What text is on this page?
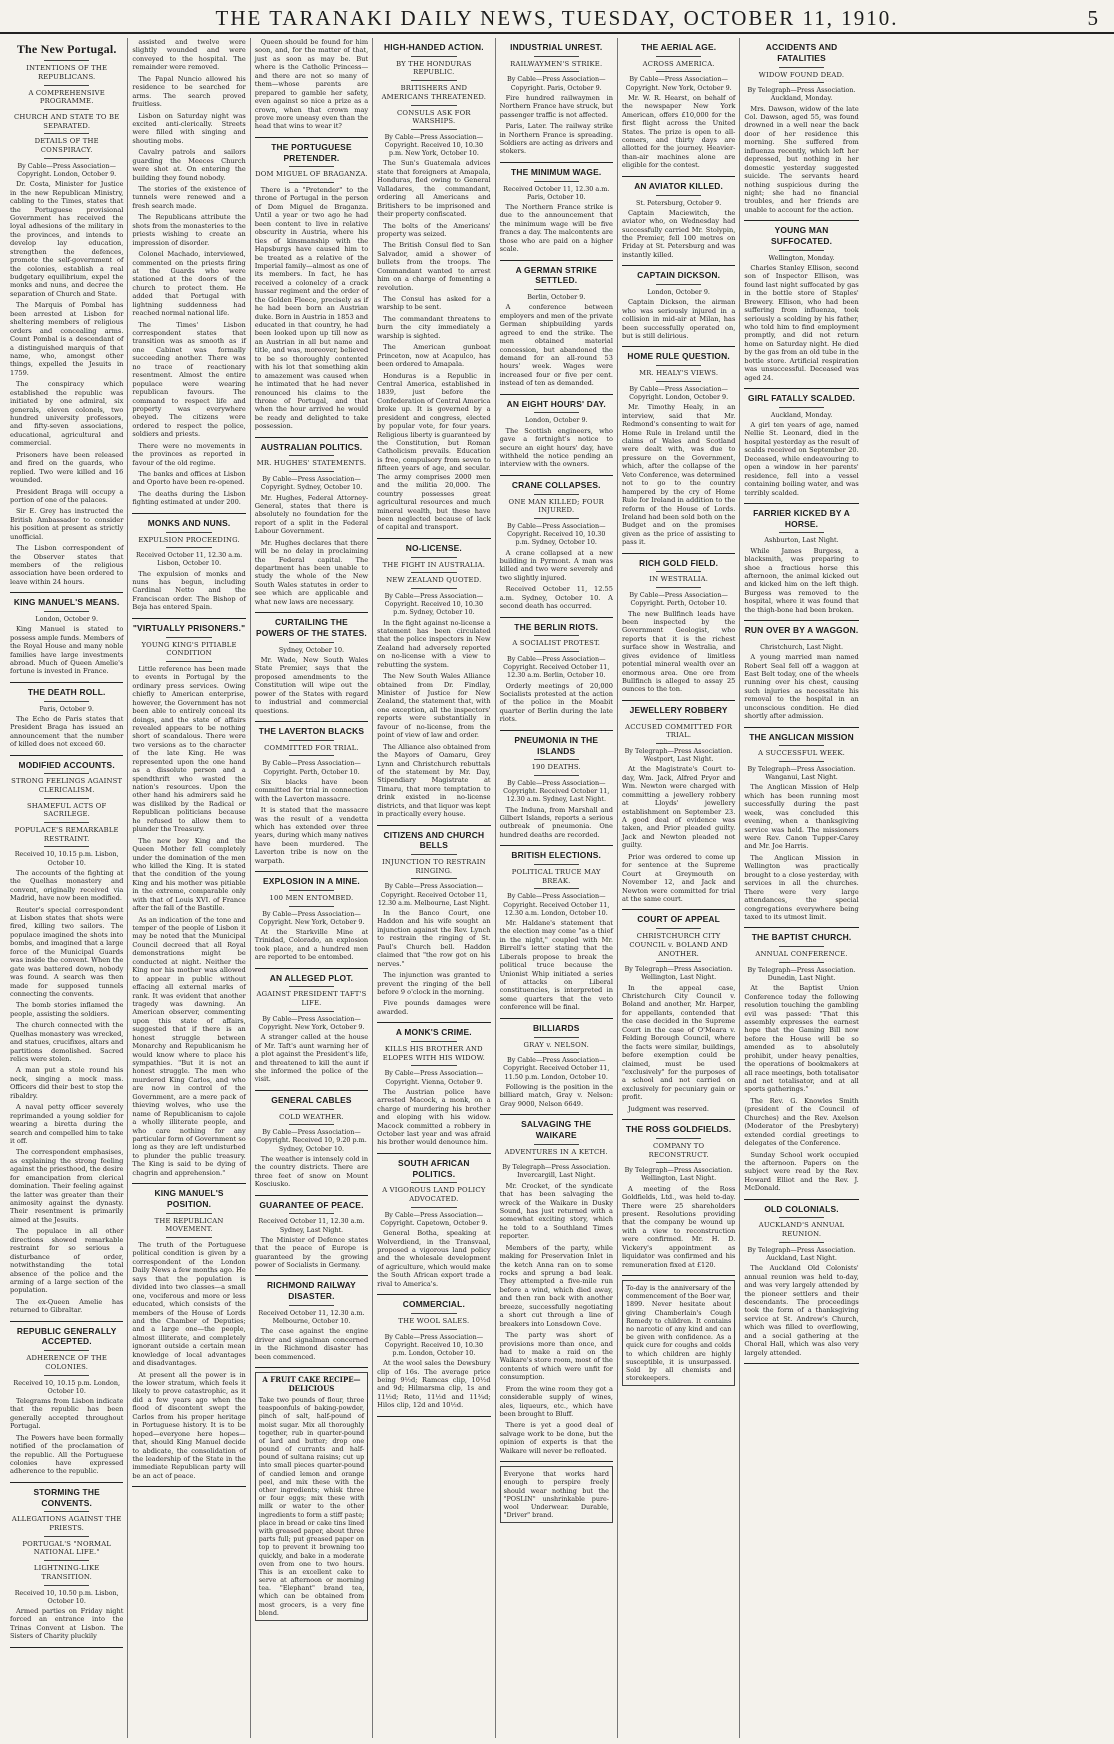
THE TARANAKI DAILY NEWS, TUESDAY, OCTOBER 11, 1910.	5
The New Portugal.
INTENTIONS OF THE REPUBLICANS.
A COMPREHENSIVE PROGRAMME.
CHURCH AND STATE TO BE SEPARATED.
DETAILS OF THE CONSPIRACY.
By Cable—Press Association—Copyright. London, October 9.

Dr. Costa, Minister for Justice in the new Republican Ministry, cabling to the Times, states that the Portuguese provisional Government has received the loyal adhesions of the military in the provinces, and intends to develop lay education, strengthen the defences, promote the self-government of the colonies, establish a real budgetary equilibrium, expel the monks and nuns, and decree the separation of Church and State.

The Marquis of Pombal has been arrested at Lisbon for sheltering members of religious orders and concealing arms. Count Pombal is a descendant of a distinguished marquis of that name, who, amongst other things, expelled the Jesuits in 1759.

The conspiracy which established the republic was initiated by one admiral, six generals, eleven colonels, two hundred university professors, and fifty-seven associations, educational, agricultural and commercial.

Prisoners have been released and fired on the guards, who replied. Two were killed and 16 wounded.

President Braga will occupy a portion of one of the palaces.

Sir E. Grey has instructed the British Ambassador to consider his position at present as strictly unofficial.

The Lisbon correspondent of the Observer states that members of the religious association have been ordered to leave within 24 hours.

KING MANUEL'S MEANS.
London, October 9.

King Manuel is stated to possess ample funds. Members of the Royal House and many noble families have large investments abroad. Much of Queen Amelie's fortune is invested in France.

THE DEATH ROLL.
Paris, October 9.

The Echo de Paris states that President Braga has issued an announcement that the number of killed does not exceed 60.

MODIFIED ACCOUNTS.
STRONG FEELINGS AGAINST CLERICALISM.
SHAMEFUL ACTS OF SACRILEGE.
POPULACE'S REMARKABLE RESTRAINT.
Received 10, 10.15 p.m. Lisbon, October 10.

The accounts of the fighting at the Quelhas monastery and convent, originally received via Madrid, have now been modified.

Reuter's special correspondent at Lisbon states that shots were fired, killing two sailors. The populace imagined the shots into bombs, and imagined that a large force of the Municipal Guards was inside the convent. When the gate was battered down, nobody was found. A search was then made for supposed tunnels connecting the convents.

The bomb stories inflamed the people, assisting the soldiers.

The church connected with the Quelhas monastery was wrecked, and statues, crucifixes, altars and partitions demolished. Sacred relics were stolen.

A man put a stole round his neck, singing a mock mass. Officers did their best to stop the ribaldry.

A naval petty officer severely reprimanded a young soldier for wearing a biretta during the search and compelled him to take it off.

The correspondent emphasises, as explaining the strong feeling against the priesthood, the desire for emancipation from clerical domination. Their feeling against the latter was greater than their animosity against the dynasty. Their resentment is primarily aimed at the Jesuits.

The populace in all other directions showed remarkable restraint for so serious a disturbance of order, notwithstanding the total absence of the police and the arming of a large section of the population.

The ex-Queen Amelie has returned to Gibraltar.

REPUBLIC GENERALLY ACCEPTED.
ADHERENCE OF THE COLONIES.
Received 10, 10.15 p.m. London, October 10.

Telegrams from Lisbon indicate that the republic has been generally accepted throughout Portugal.

The Powers have been formally notified of the proclamation of the republic. All the Portuguese colonies have expressed adherence to the republic.

STORMING THE CONVENTS.
ALLEGATIONS AGAINST THE PRIESTS.
PORTUGAL'S "NORMAL NATIONAL LIFE."
LIGHTNING-LIKE TRANSITION.
Received 10, 10.50 p.m. Lisbon, October 10.

Armed parties on Friday night forced an entrance into the Trinas Convent at Lisbon. The Sisters of Charity pluckily

assisted and twelve were slightly wounded and were conveyed to the hospital. The remainder were removed.

The Papal Nuncio allowed his residence to be searched for arms. The search proved fruitless.

Lisbon on Saturday night was excited anti-clerically. Streets were filled with singing and shouting mobs.

Cavalry patrols and sailors guarding the Meeces Church were shot at. On entering the building they found nobody.

The stories of the existence of tunnels were renewed and a fresh search made.

The Republicans attribute the shots from the monasteries to the priests wishing to create an impression of disorder.

Colonel Machado, interviewed, commented on the priests firing at the Guards who were stationed at the doors of the church to protect them. He added that Portugal with lightning suddenness had reached normal national life.

The Times' Lisbon correspondent states that transition was as smooth as if one Cabinet was formally succeeding another. There was no trace of reactionary resentment. Almost the entire populace were wearing republican favours. The command to respect life and property was everywhere obeyed. The citizens were ordered to respect the police, soldiers and priests.

There were no movements in the provinces as reported in favour of the old regime.

The banks and offices at Lisbon and Oporto have been re-opened.

The deaths during the Lisbon fighting estimated at under 200.

MONKS AND NUNS.
EXPULSION PROCEEDING.
Received October 11, 12.30 a.m. Lisbon, October 10.

The expulsion of monks and nuns has begun, including Cardinal Netto and the Franciscan order. The Bishop of Beja has entered Spain.

"VIRTUALLY PRISONERS."
YOUNG KING'S PITIABLE CONDITION

Little reference has been made to events in Portugal by the ordinary press services. Owing chiefly to American enterprise, however, the Government has not been able to entirely conceal its doings, and the state of affairs revealed appears to be nothing short of scandalous. There were two versions as to the character of the late King. He was represented upon the one hand as a dissolute person and a spendthrift who wasted the nation's resources. Upon the other hand his admirers said he was disliked by the Radical or Republican politicians because he refused to allow them to plunder the Treasury.

The new boy King and the Queen Mother fell completely under the domination of the men who killed the King. It is stated that the condition of the young King and his mother was pitiable in the extreme, comparable only with that of Louis XVI. of France after the fall of the Bastille.

As an indication of the tone and temper of the people of Lisbon it may be noted that the Municipal Council decreed that all Royal demonstrations might be conducted at night. Neither the King nor his mother was allowed to appear in public without effacing all external marks of rank. It was evident that another tragedy was dawning. An American observer, commenting upon this state of affairs, suggested that if there is an honest struggle between Monarchy and Republicanism he would know where to place his sympathies. "But it is not an honest struggle. The men who murdered King Carlos, and who are now in control of the Government, are a mere pack of thieving wolves, who use the name of Republicanism to cajole a wholly illiterate people, and who care nothing for any particular form of Government so long as they are left undisturbed to plunder the public treasury. The King is said to be dying of chagrin and apprehension."

KING MANUEL'S POSITION.
THE REPUBLICAN MOVEMENT.

The truth of the Portuguese political condition is given by a correspondent of the London Daily News a few months ago. He says that the population is divided into two classes—a small one, vociferous and more or less educated, which consists of the members of the House of Lords and the Chamber of Deputies; and a large one—the people, almost illiterate, and completely ignorant outside a certain mean knowledge of local advantages and disadvantages.

At present all the power is in the lower stratum, which feels it likely to prove catastrophic, as it did a few years ago when the flood of discontent swept the Carlos from his proper heritage in Portuguese history. It is to be hoped—everyone here hopes—that, should King Manuel decide to abdicate, the consolidation of the leadership of the State in the immediate Republican party will be an act of peace.

Queen should be found for him soon, and, for the matter of that, just as soon as may be. But where is the Catholic Princess—and there are not so many of them—whose parents are prepared to gamble her safety, even against so nice a prize as a crown, when that crown may prove more uneasy even than the head that wins to wear it?

THE PORTUGUESE PRETENDER.
DOM MIGUEL OF BRAGANZA.

There is a "Pretender" to the throne of Portugal in the person of Dom Miguel de Braganza. Until a year or two ago he had been content to live in relative obscurity in Austria, where his ties of kinsmanship with the Hapsburgs have caused him to be treated as a relative of the Imperial family—almost as one of its members. In fact, he has received a colonelcy of a crack hussar regiment and the order of the Golden Fleece, precisely as if he had been born an Austrian duke. Born in Austria in 1853 and educated in that country, he had been looked upon up till now as an Austrian in all but name and title, and was, moreover, believed to be so thoroughly contented with his lot that something akin to amazement was caused when he intimated that he had never renounced his claims to the throne of Portugal, and that when the hour arrived he would be ready and delighted to take possession.

AUSTRALIAN POLITICS.
MR. HUGHES' STATEMENTS.
By Cable—Press Association—Copyright. Sydney, October 10.

Mr. Hughes, Federal Attorney-General, states that there is absolutely no foundation for the report of a split in the Federal Labour Government.

Mr. Hughes declares that there will be no delay in proclaiming the Federal capital. The department has been unable to study the whole of the New South Wales statutes in order to see which are applicable and what new laws are necessary.

CURTAILING THE POWERS OF THE STATES.
Sydney, October 10.

Mr. Wade, New South Wales State Premier, says that the proposed amendments to the Constitution will wipe out the power of the States with regard to industrial and commercial questions.

THE LAVERTON BLACKS
COMMITTED FOR TRIAL.
By Cable—Press Association—Copyright. Perth, October 10.

Six blacks have been committed for trial in connection with the Laverton massacre.

It is stated that the massacre was the result of a vendetta which has extended over three years, during which many natives have been murdered. The Laverton tribe is now on the warpath.

EXPLOSION IN A MINE.
100 MEN ENTOMBED.
By Cable—Press Association—Copyright. New York, October 9.

At the Starkville Mine at Trinidad, Colorado, an explosion took place, and a hundred men are reported to be entombed.

AN ALLEGED PLOT.
AGAINST PRESIDENT TAFT'S LIFE.
By Cable—Press Association—Copyright. New York, October 9.

A stranger called at the house of Mr. Taft's aunt warning her of a plot against the President's life, and threatened to kill the aunt if she informed the police of the visit.

GENERAL CABLES
COLD WEATHER.
By Cable—Press Association—Copyright. Received 10, 9.20 p.m. Sydney, October 10.

The weather is intensely cold in the country districts. There are three feet of snow on Mount Kosciusko.

GUARANTEE OF PEACE.
Received October 11, 12.30 a.m. Sydney, Last Night.

The Minister of Defence states that the peace of Europe is guaranteed by the growing power of Socialists in Germany.

RICHMOND RAILWAY DISASTER.
Received October 11, 12.30 a.m. Melbourne, October 10.

The case against the engine driver and signalman concerned in the Richmond disaster has been commenced.

A FRUIT CAKE RECIPE—DELICIOUS
Take two pounds of flour, three teaspoonfuls of baking-powder, pinch of salt, half-pound of moist sugar. Mix all thoroughly together, rub in quarter-pound of lard and butter; drop one pound of currants and half-pound of sultana raisins; cut up into small pieces quarter-pound of candied lemon and orange peel, and mix these with the other ingredients; whisk three or four eggs; mix these with milk or water to the other ingredients to form a stiff paste; place in bread or cake tins lined with greased paper, about three parts full; put greased paper on top to prevent it browning too quickly, and bake in a moderate oven from one to two hours. This is an excellent cake to serve at afternoon or morning tea. "Elephant" brand tea, which can be obtained from most grocers, is a very fine blend.
HIGH-HANDED ACTION.
BY THE HONDURAS REPUBLIC.
BRITISHERS AND AMERICANS THREATENED.
CONSULS ASK FOR WARSHIPS.
By Cable—Press Association—Copyright. Received 10, 10.30 p.m. New York, October 10.

The Sun's Guatemala advices state that foreigners at Amapala, Honduras, fled owing to General Valladares, the commandant, ordering all Americans and Britishers to be imprisoned and their property confiscated.

The bolts of the Americans' property was seized.

The British Consul fled to San Salvador, amid a shower of bullets from the troops. The Commandant wanted to arrest him on a charge of fomenting a revolution.

The Consul has asked for a warship to be sent.

The commandant threatens to burn the city immediately a warship is sighted.

The American gunboat Princeton, now at Acapulco, has been ordered to Amapala.

Honduras is a Republic in Central America, established in 1839, just before the Confederation of Central America broke up. It is governed by a president and congress, elected by popular vote, for four years. Religious liberty is guaranteed by the Constitution, but Roman Catholicism prevails. Education is free, compulsory from seven to fifteen years of age, and secular. The army comprises 2000 men and the militia 20,000. The country possesses great agricultural resources and much mineral wealth, but these have been neglected because of lack of capital and transport.

NO-LICENSE.
THE FIGHT IN AUSTRALIA.
NEW ZEALAND QUOTED.
By Cable—Press Association—Copyright. Received 10, 10.30 p.m. Sydney, October 10.

In the fight against no-license a statement has been circulated that the police inspectors in New Zealand had adversely reported on no-license with a view to rebutting the system.

The New South Wales Alliance obtained from Dr. Findlay, Minister of Justice for New Zealand, the statement that, with one exception, all the inspectors' reports were substantially in favour of no-license, from the point of view of law and order.

The Alliance also obtained from the Mayors of Oamaru, Grey Lynn and Christchurch rebuttals of the statement by Mr. Day, Stipendiary Magistrate at Timaru, that more temptation to drink existed in no-license districts, and that liquor was kept in practically every house.

CITIZENS AND CHURCH BELLS
INJUNCTION TO RESTRAIN RINGING.
By Cable—Press Association—Copyright. Received October 11, 12.30 a.m. Melbourne, Last Night.

In the Banco Court, one Haddon and his wife sought an injunction against the Rev. Lynch to restrain the ringing of St. Paul's Church bell. Haddon claimed that "the row got on his nerves."

The injunction was granted to prevent the ringing of the bell before 9 o'clock in the morning.

Five pounds damages were awarded.

A MONK'S CRIME.
KILLS HIS BROTHER AND ELOPES WITH HIS WIDOW.
By Cable—Press Association—Copyright. Vienna, October 9.

The Austrian police have arrested Macock, a monk, on a charge of murdering his brother and eloping with his widow. Macock committed a robbery in October last year and was afraid his brother would denounce him.

SOUTH AFRICAN POLITICS.
A VIGOROUS LAND POLICY ADVOCATED.
By Cable—Press Association—Copyright. Capetown, October 9.

General Botha, speaking at Wolverdiend, in the Transvaal, proposed a vigorous land policy and the wholesale development of agriculture, which would make the South African export trade a rival to America's.

COMMERCIAL.
THE WOOL SALES.
By Cable—Press Association—Copyright. Received 10, 10.30 p.m. London, October 10.

At the wool sales the Dewsbury clip of 16s. The average price being 9½d; Ramcas clip, 10½d and 9d; Hilmarsma clip, 1s and 11½d; Reto, 11½d and 11¾d; Hilos clip, 12d and 10½d.

INDUSTRIAL UNREST.
RAILWAYMEN'S STRIKE.
By Cable—Press Association—Copyright. Paris, October 9.

Fire hundred railwaymen in Northern France have struck, but passenger traffic is not affected.

Paris, Later. The railway strike in Northern France is spreading. Soldiers are acting as drivers and stokers.

THE MINIMUM WAGE.
Received October 11, 12.30 a.m. Paris, October 10.

The Northern France strike is due to the announcement that the minimum wage will be five francs a day. The malcontents are those who are paid on a higher scale.

A GERMAN STRIKE SETTLED.
Berlin, October 9.

A conference between employers and men of the private German shipbuilding yards agreed to end the strike. The men obtained material concession, but abandoned the demand for an all-round 53 hours' week. Wages were increased four or five per cent. instead of ten as demanded.

AN EIGHT HOURS' DAY.
London, October 9.

The Scottish engineers, who gave a fortnight's notice to secure an eight hours' day, have withheld the notice pending an interview with the owners.

CRANE COLLAPSES.
ONE MAN KILLED; FOUR INJURED.
By Cable—Press Association—Copyright. Received 10, 10.30 p.m. Sydney, October 10.

A crane collapsed at a new building in Pyrmont. A man was killed and two were severely and two slightly injured.

Received October 11, 12.55 a.m. Sydney, October 10. A second death has occurred.

THE BERLIN RIOTS.
A SOCIALIST PROTEST.
By Cable—Press Association—Copyright. Received October 11, 12.30 a.m. Berlin, October 10.

Orderly meetings of 20,000 Socialists protested at the action of the police in the Moabit quarter of Berlin during the late riots.

PNEUMONIA IN THE ISLANDS
190 DEATHS.
By Cable—Press Association—Copyright. Received October 11, 12.30 a.m. Sydney, Last Night.

The Induna, from Marshall and Gilbert Islands, reports a serious outbreak of pneumonia. One hundred deaths are recorded.

BRITISH ELECTIONS.
POLITICAL TRUCE MAY BREAK.
By Cable—Press Association—Copyright. Received October 11, 12.30 a.m. London, October 10.

Mr. Haldane's statement that the election may come "as a thief in the night," coupled with Mr. Birrell's letter stating that the Liberals propose to break the political truce because the Unionist Whip initiated a series of attacks on Liberal constituencies, is interpreted in some quarters that the veto conference will be final.

BILLIARDS
GRAY v. NELSON.
By Cable—Press Association—Copyright. Received October 11, 11.50 p.m. London, October 10.

Following is the position in the billiard match, Gray v. Nelson: Gray 9000, Nelson 6649.

SALVAGING THE WAIKARE
ADVENTURES IN A KETCH.
By Telegraph—Press Association. Invercargill, Last Night.

Mr. Crocket, of the syndicate that has been salvaging the wreck of the Waikare in Dusky Sound, has just returned with a somewhat exciting story, which he told to a Southland Times reporter.

Members of the party, while making for Preservation Inlet in the ketch Anna ran on to some rocks and sprung a bad leak. They attempted a five-mile run before a wind, which died away, and then ran back with another breeze, successfully negotiating a short cut through a line of breakers into Lonsdown Cove.

The party was short of provisions more than once, and had to make a raid on the Waikare's store room, most of the contents of which were unfit for consumption.

From the wine room they got a considerable supply of wines, ales, liqueurs, etc., which have been brought to Bluff.

There is yet a good deal of salvage work to be done, but the opinion of experts is that the Waikare will never be refloated.

Everyone that works hard enough to perspire freely should wear nothing but the "POSLIN" unshrinkable pure-wool Underwear. Durable, "Driver" brand.
THE AERIAL AGE.
ACROSS AMERICA.
By Cable—Press Association—Copyright. New York, October 9.

Mr. W. R. Hearst, on behalf of the newspaper New York American, offers £10,000 for the first flight across the United States. The prize is open to all-comers, and thirty days are allotted for the journey. Heavier-than-air machines alone are eligible for the contest.

AN AVIATOR KILLED.
St. Petersburg, October 9.

Captain Maciewitch, the aviator who, on Wednesday had successfully carried Mr. Stolypin, the Premier, fell 100 metres on Friday at St. Petersburg and was instantly killed.

CAPTAIN DICKSON.
London, October 9.

Captain Dickson, the airman who was seriously injured in a collision in mid-air at Milan, has been successfully operated on, but is still delirious.

HOME RULE QUESTION.
MR. HEALY'S VIEWS.
By Cable—Press Association—Copyright. London, October 9.

Mr. Timothy Healy, in an interview, said that Mr. Redmond's consenting to wait for Home Rule in Ireland until the claims of Wales and Scotland were dealt with, was due to pressure on the Government, which, after the collapse of the Veto Conference, was determined not to go to the country hampered by the cry of Home Rule for Ireland in addition to the reform of the House of Lords. Ireland had been sold both on the Budget and on the promises given as the price of assisting to pass it.

RICH GOLD FIELD.
IN WESTRALIA.
By Cable—Press Association—Copyright. Perth, October 10.

The new Bullfinch leads have been inspected by the Government Geologist, who reports that it is the richest surface show in Westralia, and gives evidence of limitless potential mineral wealth over an enormous area. One ore from Bullfinch is alleged to assay 25 ounces to the ton.

JEWELLERY ROBBERY
ACCUSED COMMITTED FOR TRIAL.
By Telegraph—Press Association. Westport, Last Night.

At the Magistrate's Court to-day, Wm. Jack, Alfred Pryor and Wm. Newton were charged with committing a jewellery robbery at Lloyds' jewellery establishment on September 23. A good deal of evidence was taken, and Prior pleaded guilty. Jack and Newton pleaded not guilty.

Prior was ordered to come up for sentence at the Supreme Court at Greymouth on November 12, and Jack and Newton were committed for trial at the same court.

COURT OF APPEAL
CHRISTCHURCH CITY COUNCIL v. BOLAND AND ANOTHER.
By Telegraph—Press Association. Wellington, Last Night.

In the appeal case, Christchurch City Council v. Boland and another, Mr. Harper, for appellants, contended that the case decided in the Supreme Court in the case of O'Meara v. Felding Borough Council, where the facts were similar, buildings, before exemption could be claimed, must be used "exclusively" for the purposes of a school and not carried on exclusively for pecuniary gain or profit.

Judgment was reserved.

THE ROSS GOLDFIELDS.
COMPANY TO RECONSTRUCT.
By Telegraph—Press Association. Wellington, Last Night.

A meeting of the Ross Goldfields, Ltd., was held to-day. There were 25 shareholders present. Resolutions providing that the company be wound up with a view to reconstruction were confirmed. Mr. H. D. Vickery's appointment as liquidator was confirmed and his remuneration fixed at £120.

To-day is the anniversary of the commencement of the Boer war, 1899. Never hesitate about giving Chamberlain's Cough Remedy to children. It contains no narcotic of any kind and can be given with confidence. As a quick cure for coughs and colds to which children are highly susceptible, it is unsurpassed. Sold by all chemists and storekeepers.
ACCIDENTS AND FATALITIES
WIDOW FOUND DEAD.
By Telegraph—Press Association. Auckland, Monday.

Mrs. Dawson, widow of the late Col. Dawson, aged 55, was found drowned in a well near the back door of her residence this morning. She suffered from influenza recently, which left her depressed, but nothing in her domestic yesterday suggested suicide. The servants heard nothing suspicious during the night; she had no financial troubles, and her friends are unable to account for the action.

YOUNG MAN SUFFOCATED.
Wellington, Monday.

Charles Stanley Ellison, second son of Inspector Ellison, was found last night suffocated by gas in the bottle store of Staples' Brewery. Ellison, who had been suffering from influenza, took seriously a scolding by his father, who told him to find employment promptly, and did not return home on Saturday night. He died by the gas from an old tube in the bottle store. Artificial respiration was unsuccessful. Deceased was aged 24.

GIRL FATALLY SCALDED.
Auckland, Monday.

A girl ten years of age, named Nellie St. Leonard, died in the hospital yesterday as the result of scalds received on September 20. Deceased, while endeavouring to open a window in her parents' residence, fell into a vessel containing boiling water, and was terribly scalded.

FARRIER KICKED BY A HORSE.
Ashburton, Last Night.

While James Burgess, a blacksmith, was preparing to shoe a fractious horse this afternoon, the animal kicked out and kicked him on the left thigh. Burgess was removed to the hospital, where it was found that the thigh-bone had been broken.

RUN OVER BY A WAGGON.
Christchurch, Last Night.

A young married man named Robert Seal fell off a waggon at East Belt today, one of the wheels running over his chest, causing such injuries as necessitate his removal to the hospital in an unconscious condition. He died shortly after admission.

THE ANGLICAN MISSION
A SUCCESSFUL WEEK.
By Telegraph—Press Association. Wanganui, Last Night.

The Anglican Mission of Help which has been running most successfully during the past week, was concluded this evening, when a thanksgiving service was held. The missioners were Rev. Canon Tupper-Carey and Mr. Joe Harris.

The Anglican Mission in Wellington was practically brought to a close yesterday, with services in all the churches. There were very large attendances, the special congregations everywhere being taxed to its utmost limit.

THE BAPTIST CHURCH.
ANNUAL CONFERENCE.
By Telegraph—Press Association. Dunedin, Last Night.

At the Baptist Union Conference today the following resolution touching the gambling evil was passed: "That this assembly expresses the earnest hope that the Gaming Bill now before the House will be so amended as to absolutely prohibit, under heavy penalties, the operations of bookmakers at all race meetings, both totalisator and net totalisator, and at all sports gatherings."

The Rev. G. Knowles Smith (president of the Council of Churches) and the Rev. Axelson (Moderator of the Presbytery) extended cordial greetings to delegates of the Conference.

Sunday School work occupied the afternoon. Papers on the subject were read by the Rev. Howard Elliot and the Rev. J. McDonald.

OLD COLONIALS.
AUCKLAND'S ANNUAL REUNION.
By Telegraph—Press Association. Auckland, Last Night.

The Auckland Old Colonists' annual reunion was held to-day, and was very largely attended by the pioneer settlers and their descendants. The proceedings took the form of a thanksgiving service at St. Andrew's Church, which was filled to overflowing, and a social gathering at the Choral Hall, which was also very largely attended.
